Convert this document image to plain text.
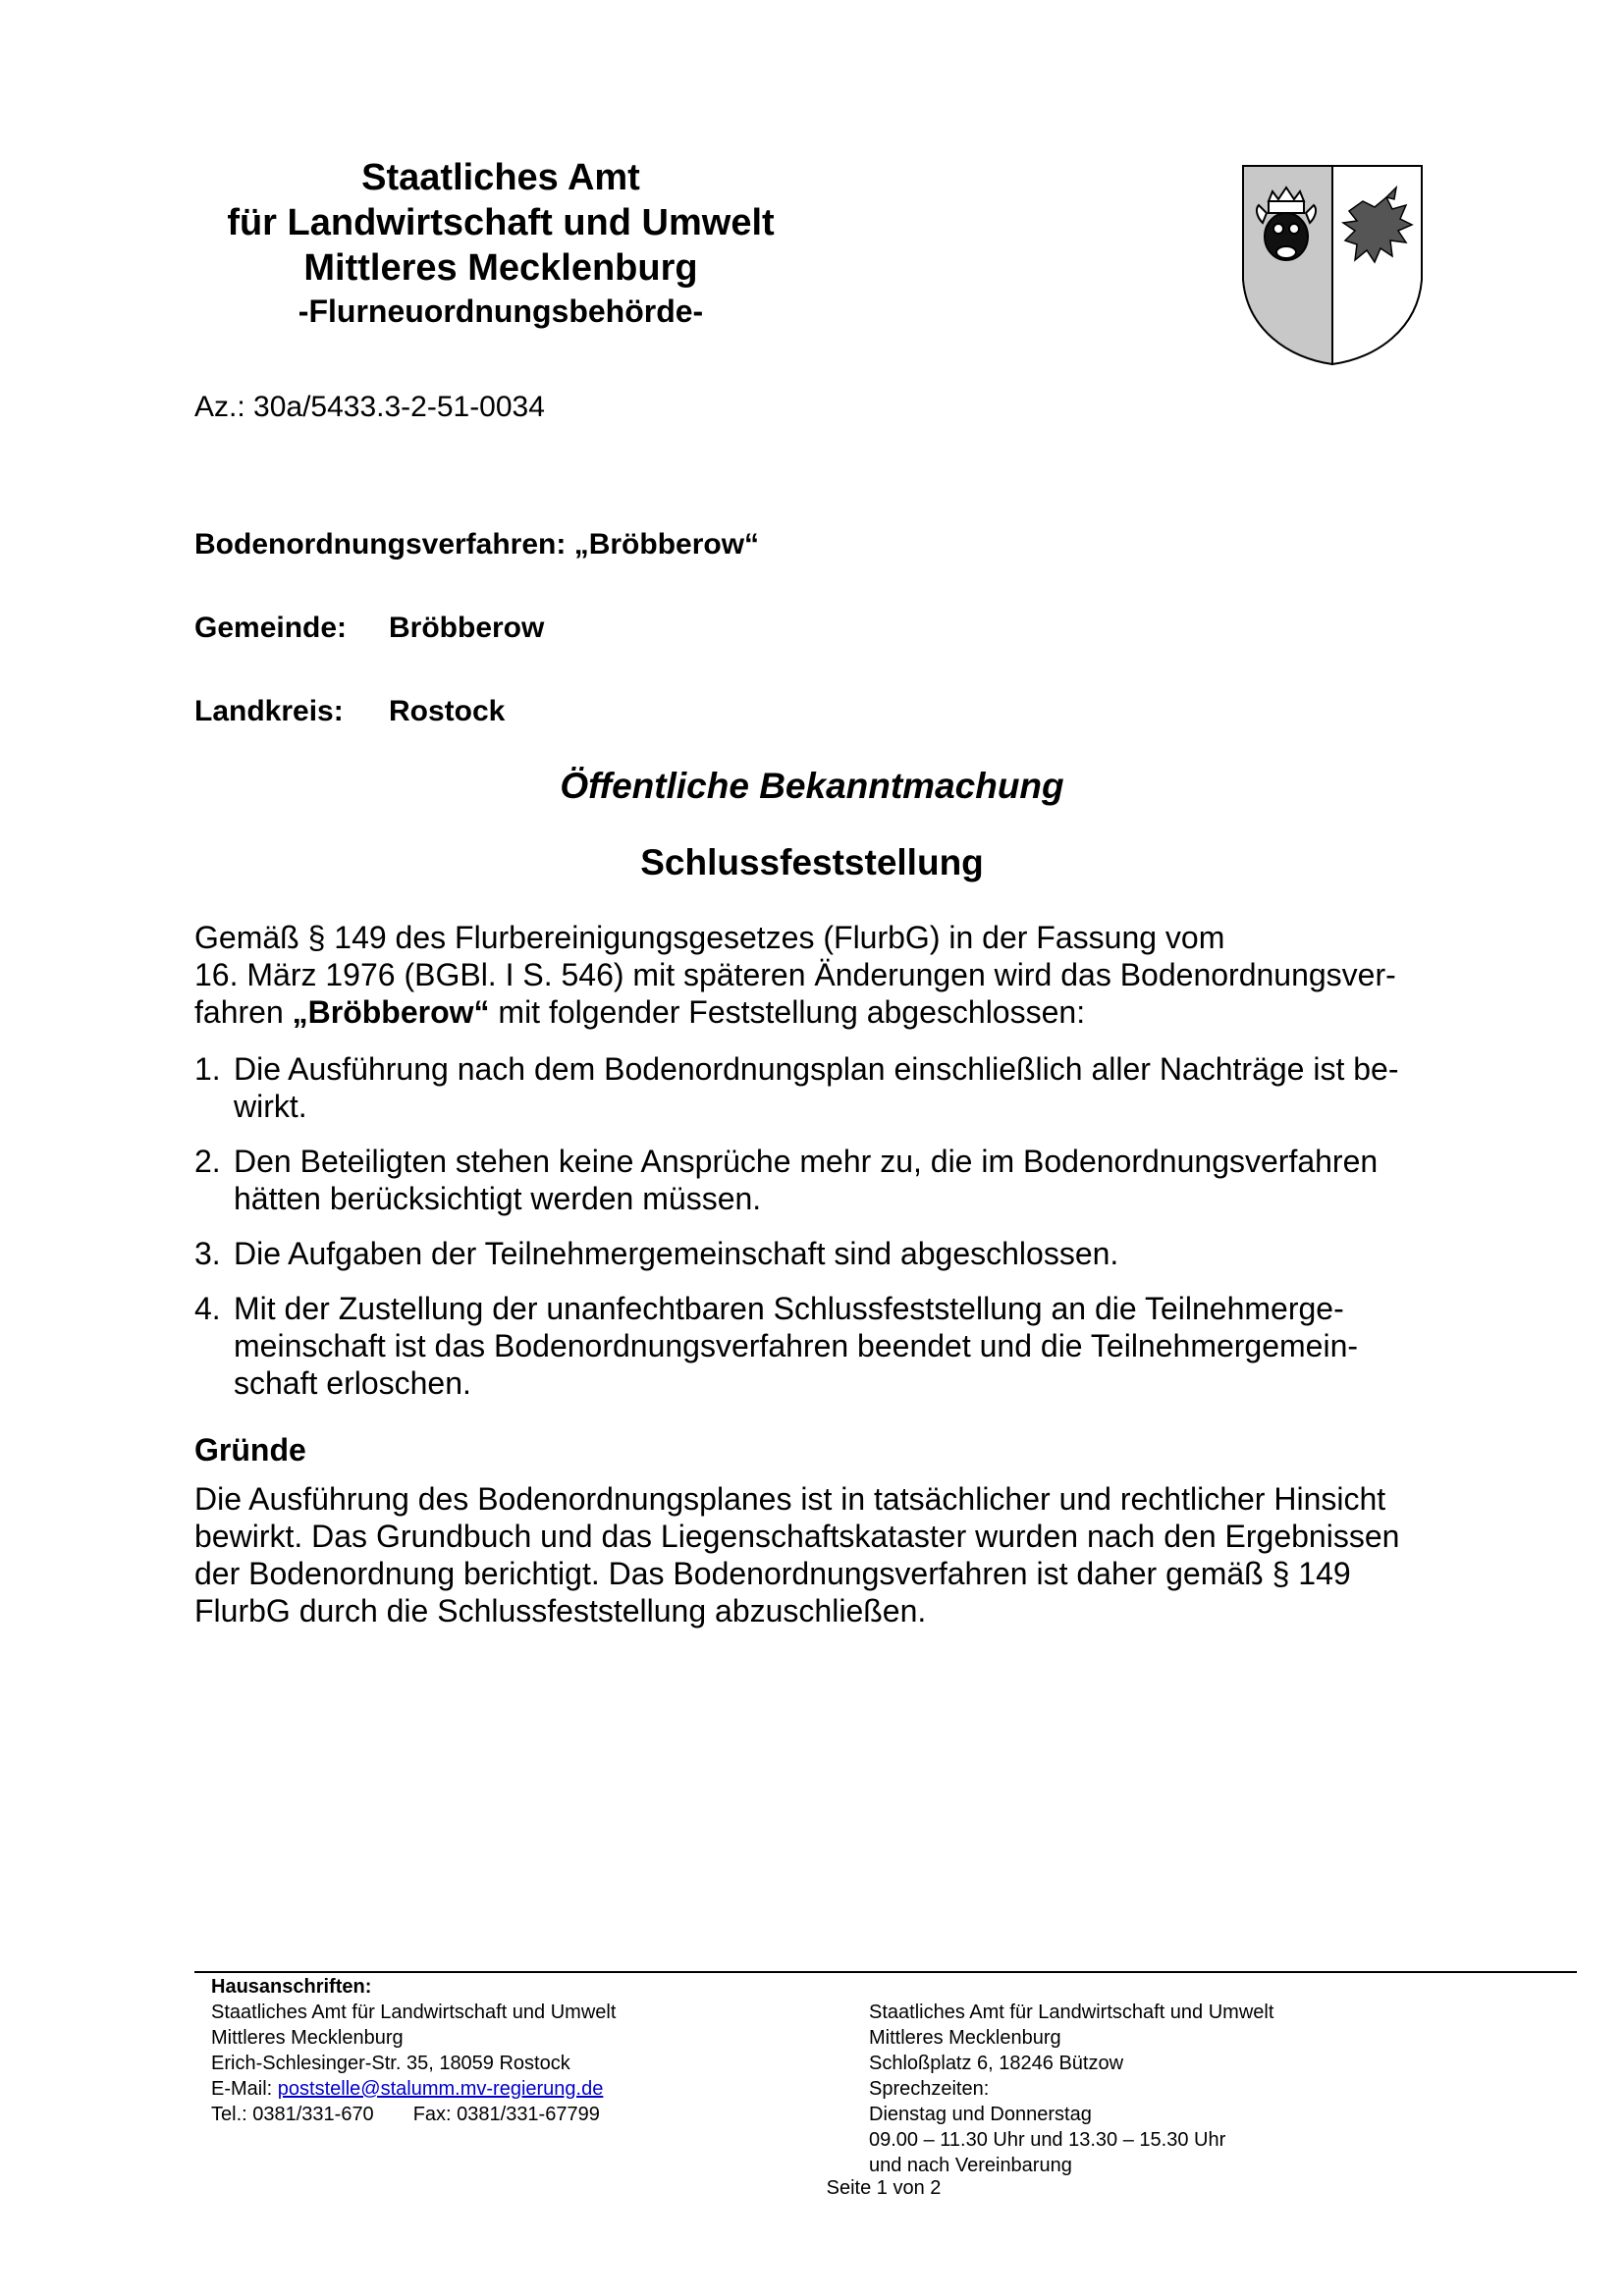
Staatliches Amt
für Landwirtschaft und Umwelt
Mittleres Mecklenburg
-Flurneuordnungsbehörde-
Az.: 30a/5433.3-2-51-0034
Bodenordnungsverfahren: „Bröbberow“
Gemeinde: Bröbberow
Landkreis: Rostock
Öffentliche Bekanntmachung
Schlussfeststellung
Gemäß § 149 des Flurbereinigungsgesetzes (FlurbG) in der Fassung vom
16. März 1976 (BGBl. I S. 546) mit späteren Änderungen wird das Bodenordnungsver-
fahren „Bröbberow“ mit folgender Feststellung abgeschlossen:
1. Die Ausführung nach dem Bodenordnungsplan einschließlich aller Nachträge ist be-
wirkt.
2. Den Beteiligten stehen keine Ansprüche mehr zu, die im Bodenordnungsverfahren
hätten berücksichtigt werden müssen.
3. Die Aufgaben der Teilnehmergemeinschaft sind abgeschlossen.
4. Mit der Zustellung der unanfechtbaren Schlussfeststellung an die Teilnehmerge-
meinschaft ist das Bodenordnungsverfahren beendet und die Teilnehmergemein-
schaft erloschen.
Gründe
Die Ausführung des Bodenordnungsplanes ist in tatsächlicher und rechtlicher Hinsicht
bewirkt. Das Grundbuch und das Liegenschaftskataster wurden nach den Ergebnissen
der Bodenordnung berichtigt. Das Bodenordnungsverfahren ist daher gemäß § 149
FlurbG durch die Schlussfeststellung abzuschließen.
Hausanschriften:
Staatliches Amt für Landwirtschaft und Umwelt
Mittleres Mecklenburg
Erich-Schlesinger-Str. 35, 18059 Rostock
E-Mail: poststelle@stalumm.mv-regierung.de
Tel.: 0381/331-670 Fax: 0381/331-67799
Staatliches Amt für Landwirtschaft und Umwelt
Mittleres Mecklenburg
Schloßplatz 6, 18246 Bützow
Sprechzeiten:
Dienstag und Donnerstag
09.00 – 11.30 Uhr und 13.30 – 15.30 Uhr
und nach Vereinbarung
Seite 1 von 2
